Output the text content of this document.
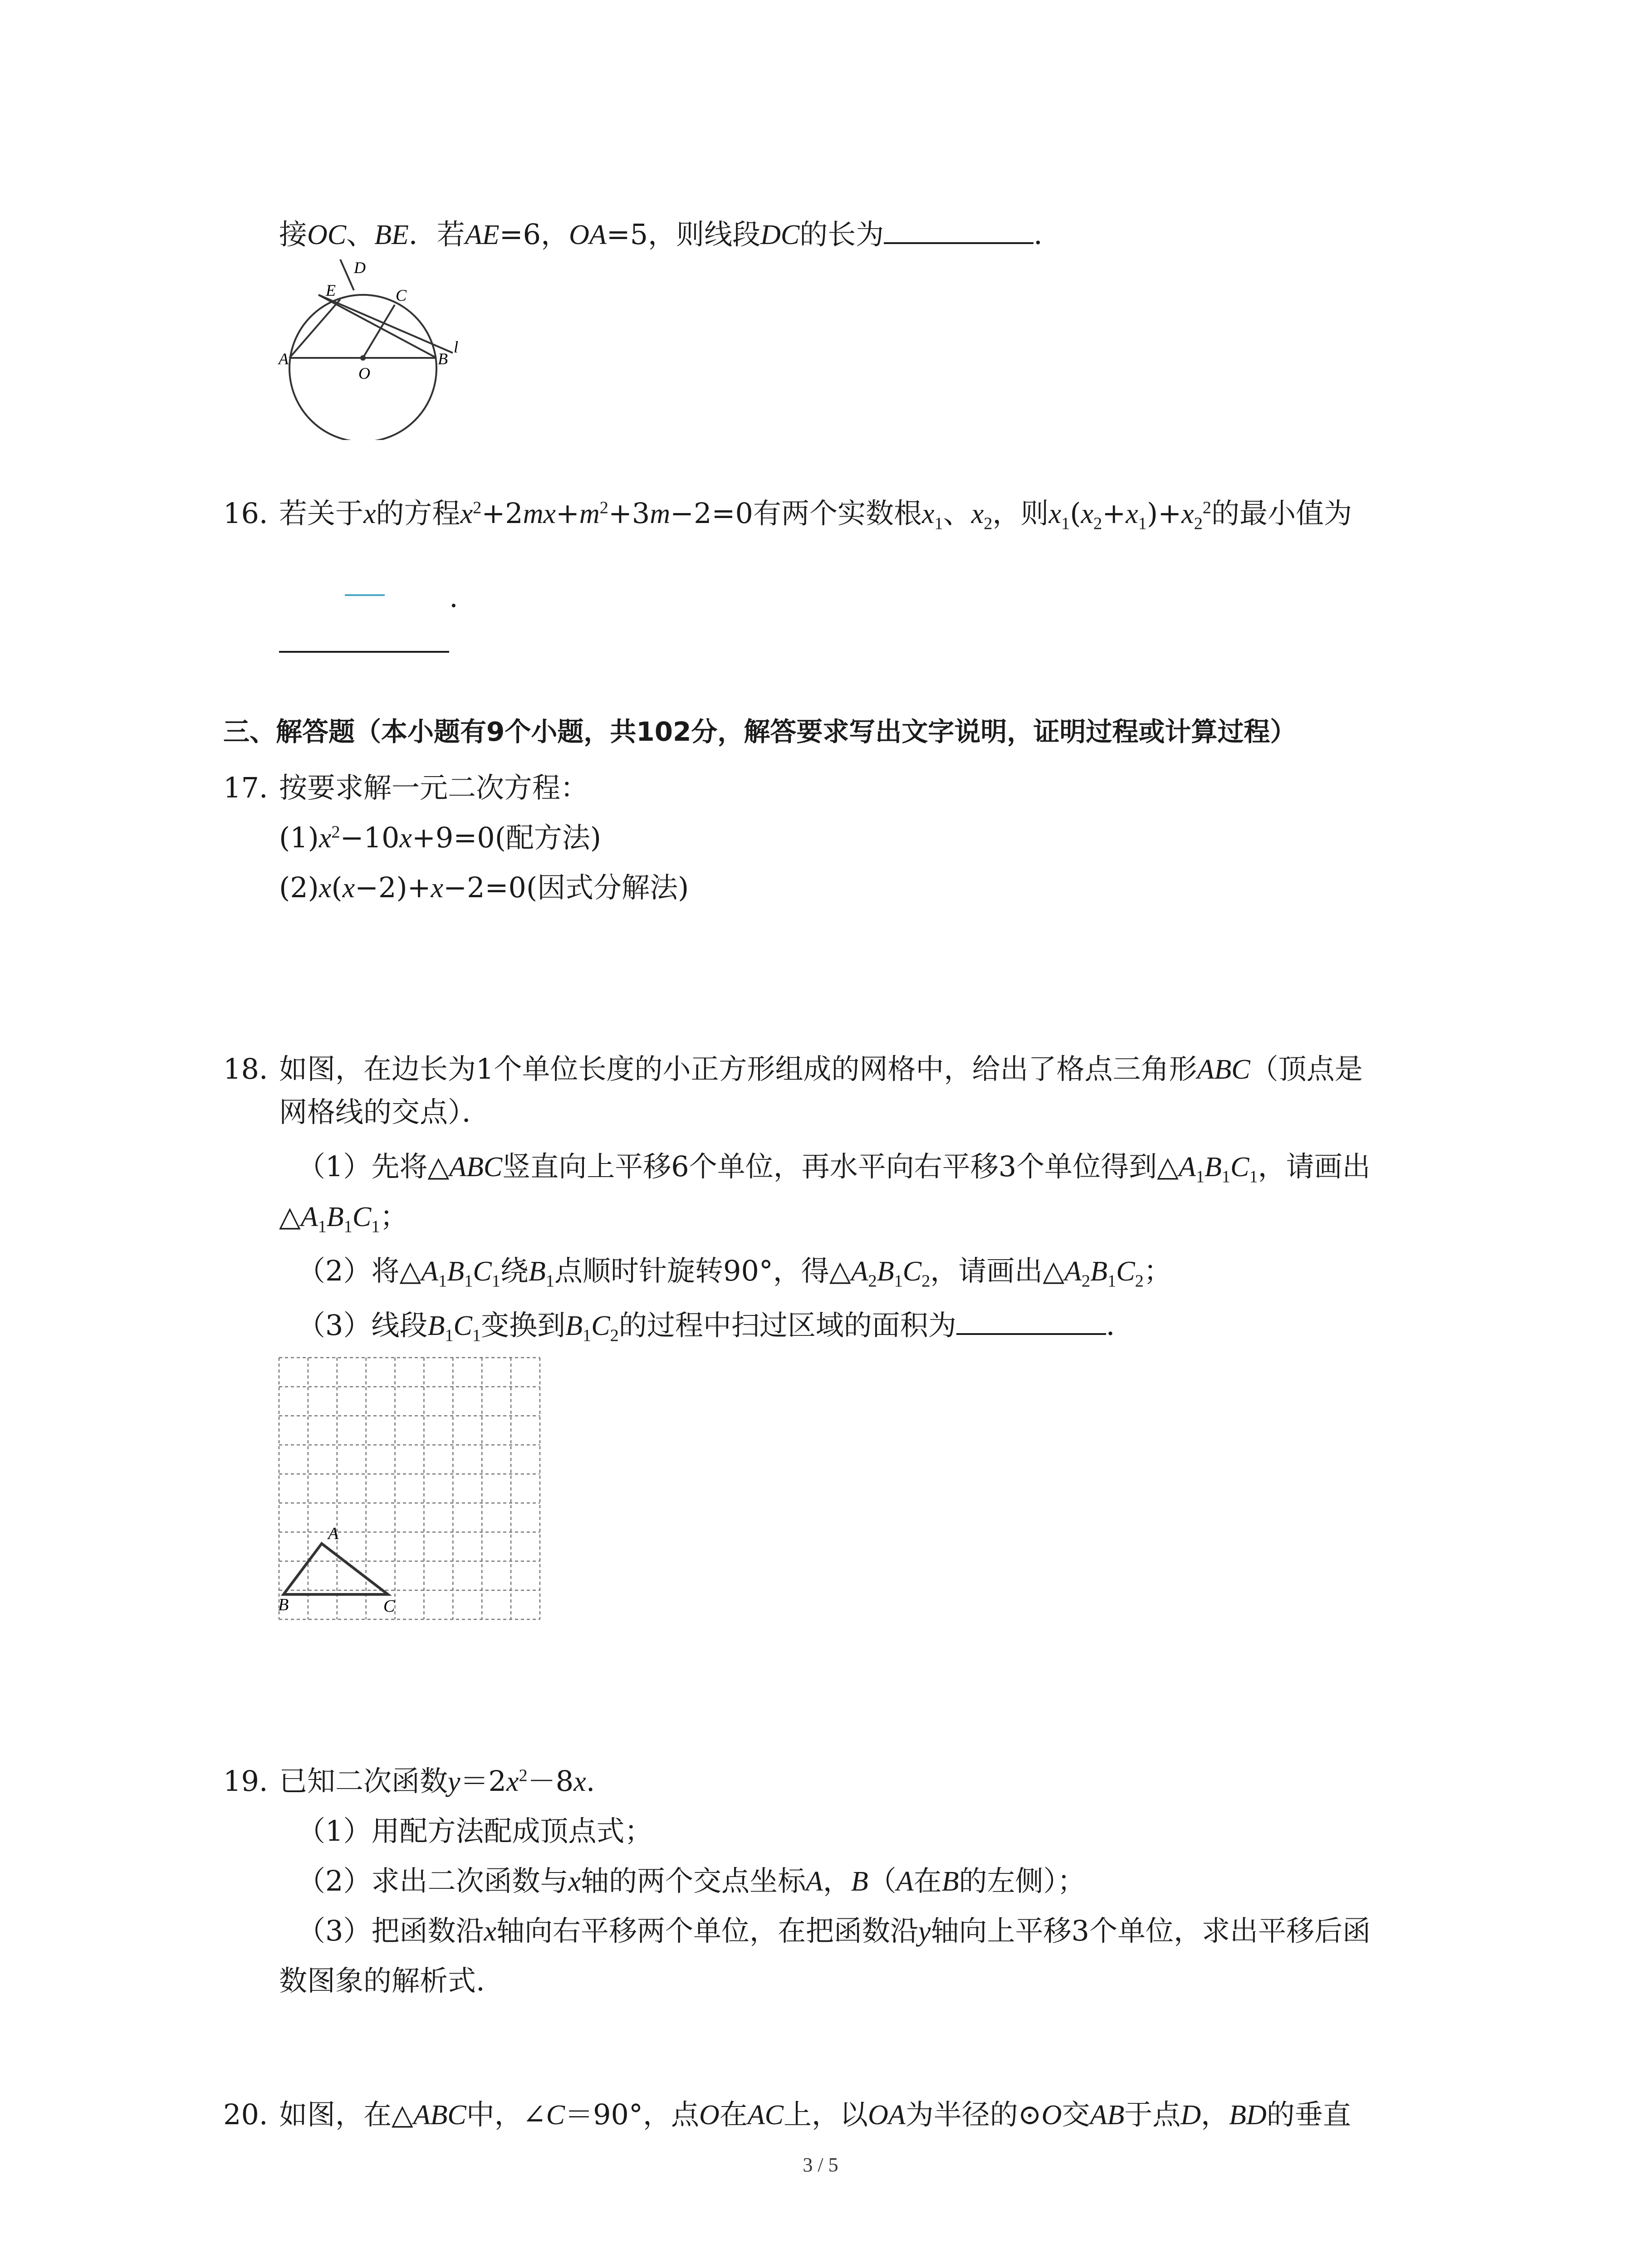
接OC、BE．若AE=6，OA=5，则线段DC的长为	．
A	B
C
D
E
O
l
16. 若关于x的方程$x^2+2mx+m^2+3m-2=0$有两个实数根$x_1$、$x_2$，则$x_1(x_2+x_1)+x_2^2$的最小值为
.
三、解答题（本小题有9个小题，共102分，解答要求写出文字说明，证明过程或计算过程）
17. 按要求解一元二次方程：
$(1)x^2-10x+9=0$(配方法)
(2)x(x−2)+x−2=0(因式分解法)
18. 如图，在边长为1个单位长度的小正方形组成的网格中，给出了格点三角形ABC（顶点是
网格线的交点）．
（1）先将△ABC竖直向上平移6个单位，再水平向右平移3个单位得到$\triangle A_1B_1C_1$，请画出
$\triangle A_1B_1C_1$；
（2）将$\triangle A_1B_1C_1$绕$B_1$点顺时针旋转90°，得$\triangle A_2B_1C_2$，请画出$\triangle A_2B_1C_2$；
（3）线段$B_1C_1$变换到$B_1C_2$的过程中扫过区域的面积为	．
A
B	C
19. 已知二次函数$y=2x^2-8x$.
（1）用配方法配成顶点式；
（2）求出二次函数与x轴的两个交点坐标A，B（A在B的左侧）；
（3）把函数沿x轴向右平移两个单位，在把函数沿y轴向上平移3个单位，求出平移后函
数图象的解析式.
20. 如图，在△ABC中，∠C＝90°，点O在AC上，以OA为半径的⊙O交AB于点D，BD的垂直
3 / 5
